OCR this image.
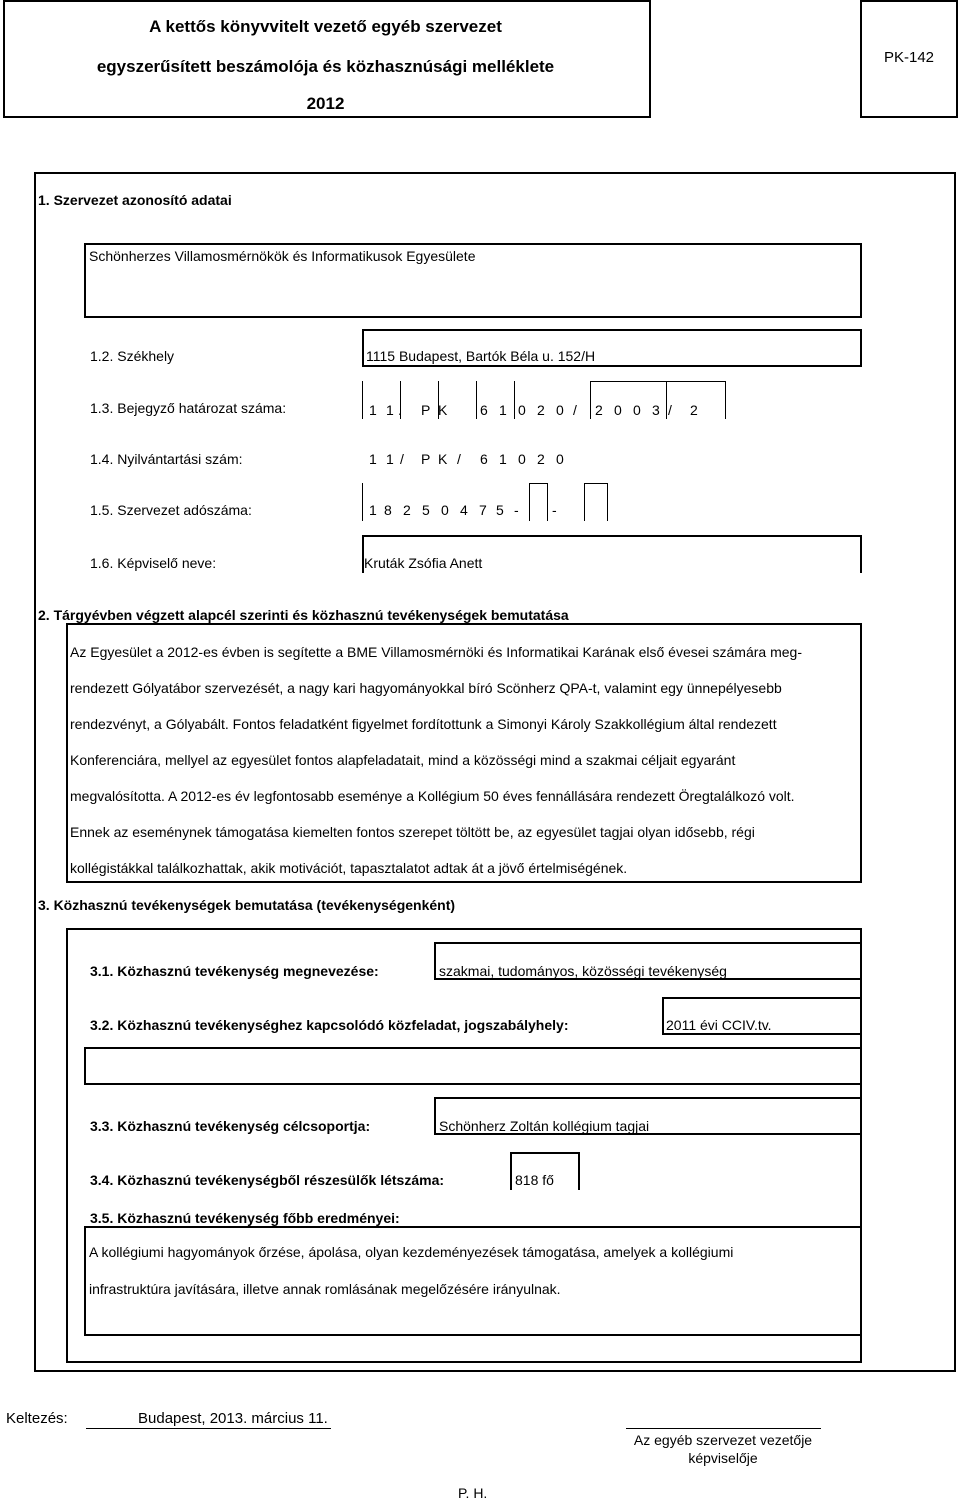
A kettős könyvvitelt vezető egyéb szervezet
egyszerűsített beszámolója és közhasznúsági melléklete
2012
PK-142
1. Szervezet azonosító adatai
Schönherzes Villamosmérnökök és Informatikusok Egyesülete
1.2. Székhely	1115 Budapest, Bartók Béla u. 152/H
1.3. Bejegyző határozat száma:	1 1 . P K 6 1 0 2 0 / 2 0 0 3 / 2
1.4. Nyilvántartási szám:	1 1 / P K / 6 1 0 2 0
1.5. Szervezet adószáma:	1 8 2 5 0 4 7 5 - -
1.6. Képviselő neve:	Kruták Zsófia Anett
2. Tárgyévben végzett alapcél szerinti és közhasznú tevékenységek bemutatása
Az Egyesület a 2012-es évben is segítette a BME Villamosmérnöki és Informatikai Karának első évesei számára meg-
rendezett Gólyatábor szervezését, a nagy kari hagyományokkal bíró Scönherz QPA-t, valamint egy ünnepélyesebb
rendezvényt, a Gólyabált. Fontos feladatként figyelmet fordítottunk a Simonyi Károly Szakkollégium által rendezett
Konferenciára, mellyel az egyesület fontos alapfeladatait, mind a közösségi mind a szakmai céljait egyaránt
megvalósította. A 2012-es év legfontosabb eseménye a Kollégium 50 éves fennállására rendezett Öregtalálkozó volt.
Ennek az eseménynek támogatása kiemelten fontos szerepet töltött be, az egyesület tagjai olyan idősebb, régi
kollégistákkal találkozhattak, akik motivációt, tapasztalatot adtak át a jövő értelmiségének.
3. Közhasznú tevékenységek bemutatása (tevékenységenként)
3.1. Közhasznú tevékenység megnevezése:	szakmai, tudományos, közösségi tevékenység
3.2. Közhasznú tevékenységhez kapcsolódó közfeladat, jogszabályhely:	2011 évi CCIV.tv.
3.3. Közhasznú tevékenység célcsoportja:	Schönherz Zoltán kollégium tagjai
3.4. Közhasznú tevékenységből részesülők létszáma:	818 fő
3.5. Közhasznú tevékenység főbb eredményei:
A kollégiumi hagyományok őrzése, ápolása, olyan kezdeményezések támogatása, amelyek a kollégiumi
infrastruktúra javítására, illetve annak romlásának megelőzésére irányulnak.
Keltezés:	Budapest, 2013. március 11.
Az egyéb szervezet vezetője
képviselője
P. H.
